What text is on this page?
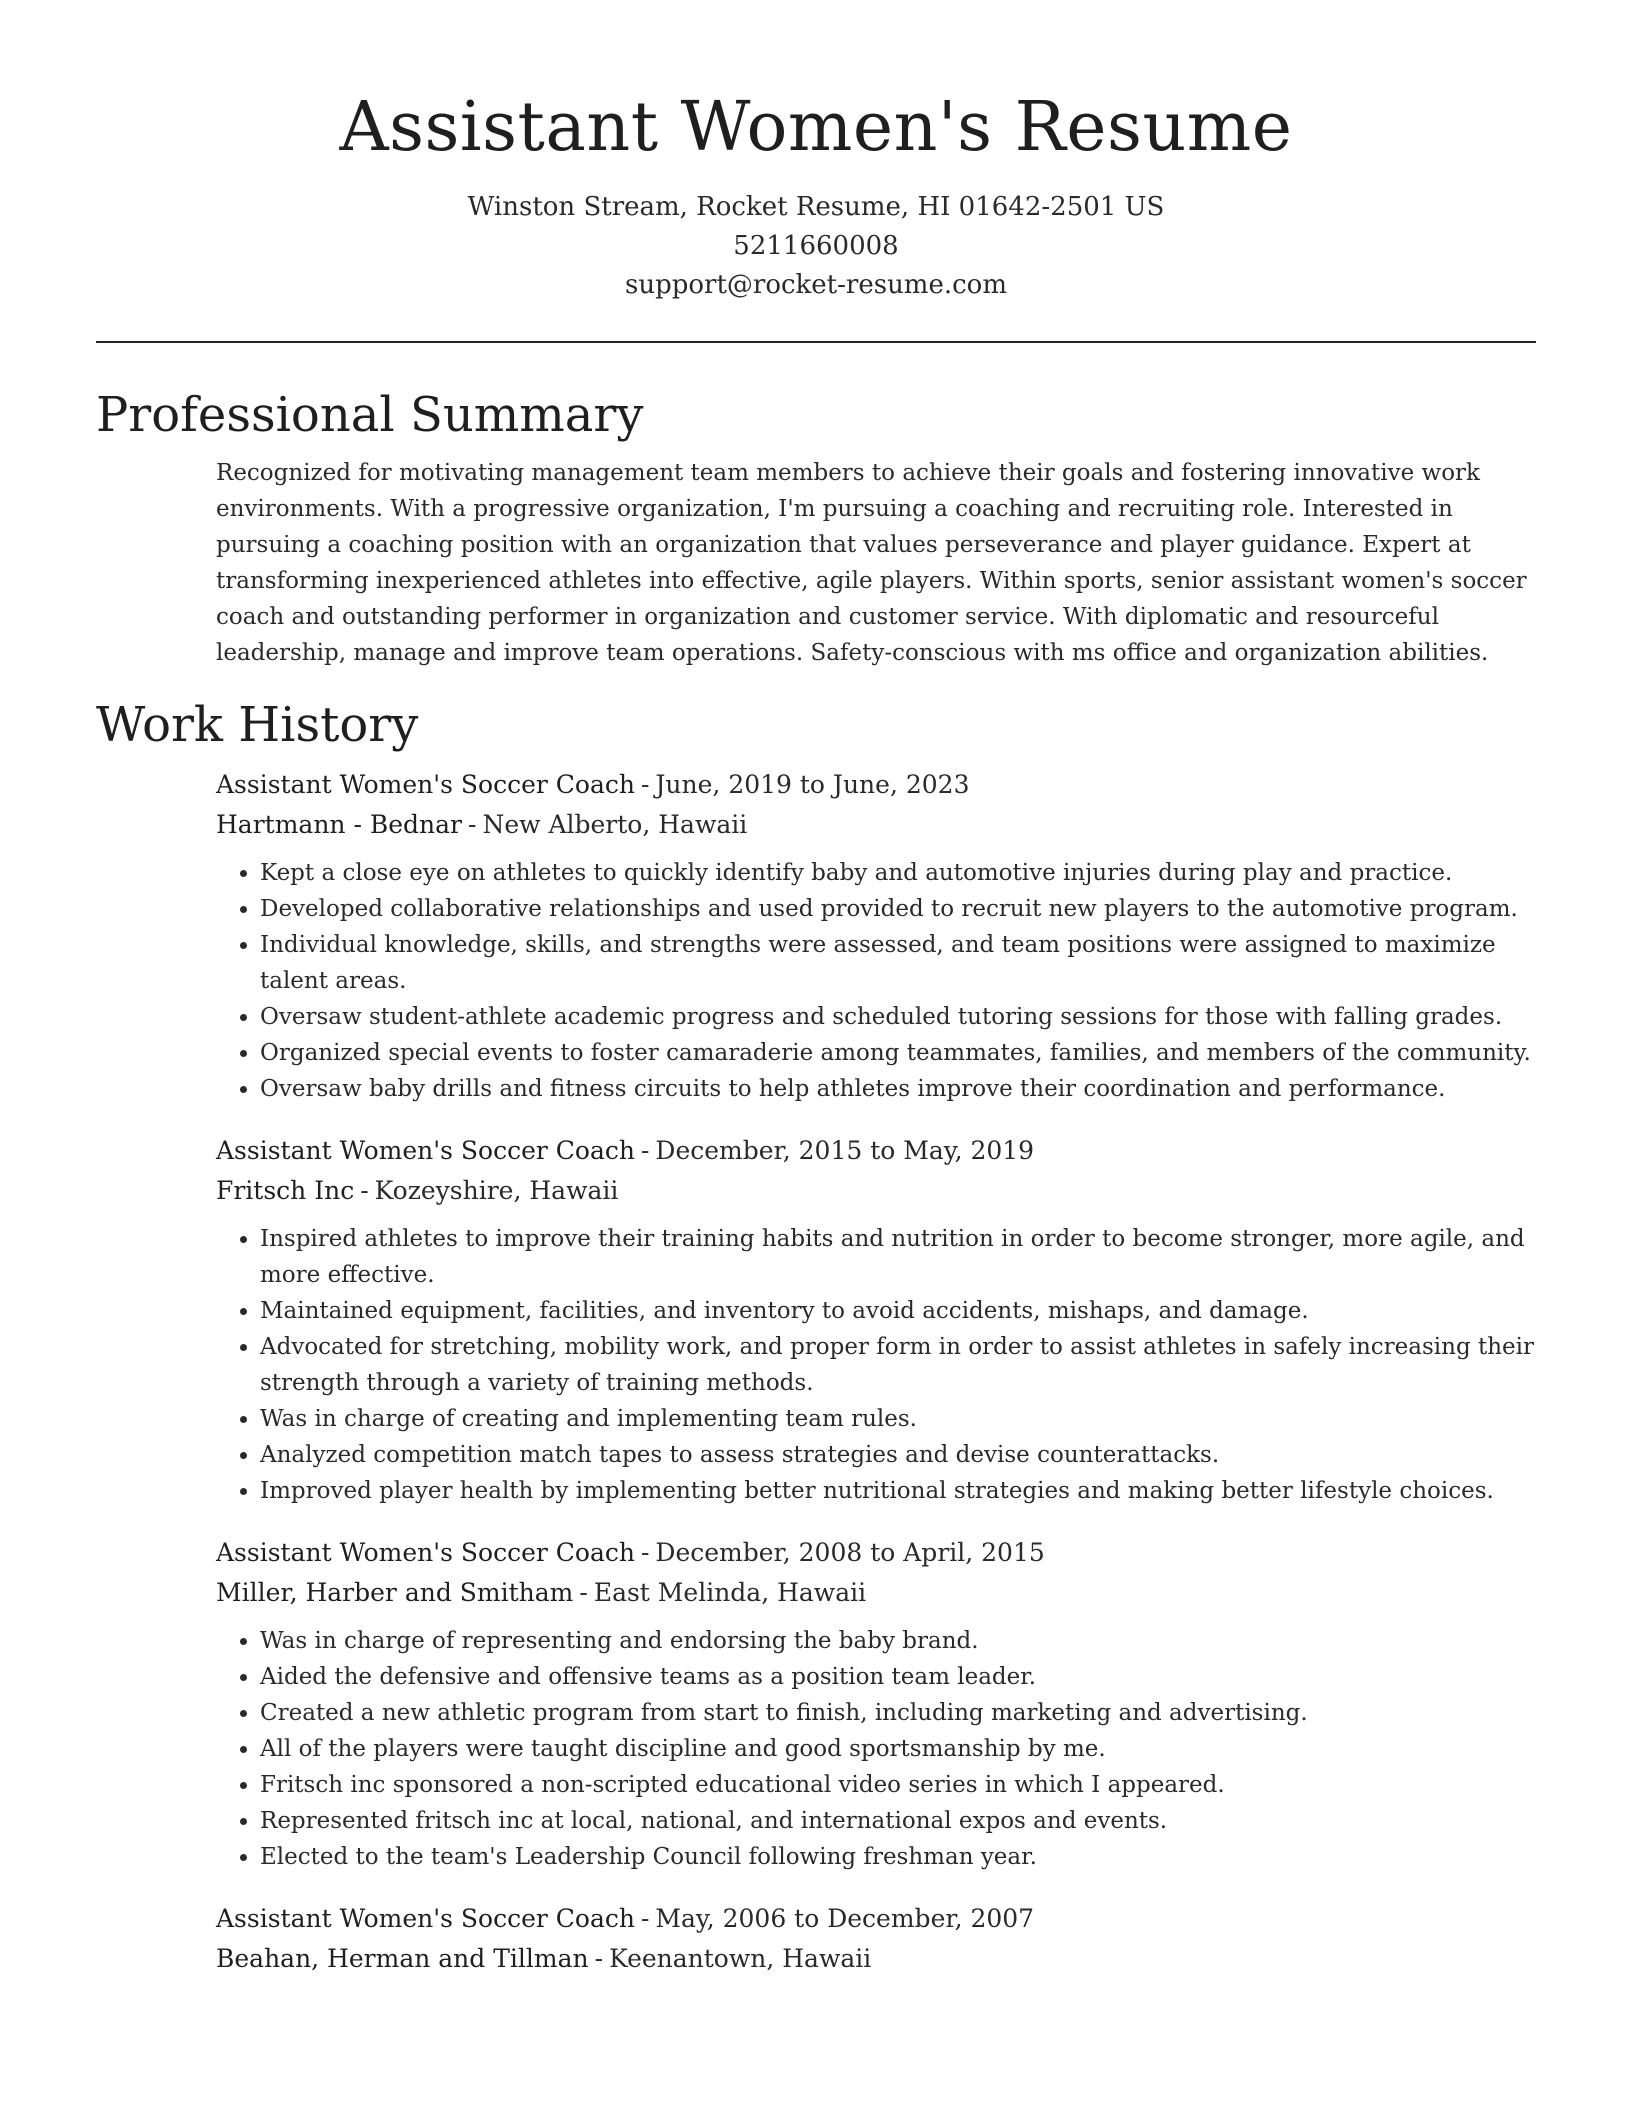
Assistant Women's Resume
Winston Stream, Rocket Resume, HI 01642-2501 US
5211660008
support@rocket-resume.com
Professional Summary

Recognized for motivating management team members to achieve their goals and fostering innovative work environments. With a progressive organization, I'm pursuing a coaching and recruiting role. Interested in pursuing a coaching position with an organization that values perseverance and player guidance. Expert at transforming inexperienced athletes into effective, agile players. Within sports, senior assistant women's soccer coach and outstanding performer in organization and customer service. With diplomatic and resourceful leadership, manage and improve team operations. Safety-conscious with ms office and organization abilities.

Work History
Assistant Women's Soccer Coach - June, 2019 to June, 2023
Hartmann - Bednar - New Alberto, Hawaii
• Kept a close eye on athletes to quickly identify baby and automotive injuries during play and practice.
• Developed collaborative relationships and used provided to recruit new players to the automotive program.
• Individual knowledge, skills, and strengths were assessed, and team positions were assigned to maximize talent areas.
• Oversaw student-athlete academic progress and scheduled tutoring sessions for those with falling grades.
• Organized special events to foster camaraderie among teammates, families, and members of the community.
• Oversaw baby drills and fitness circuits to help athletes improve their coordination and performance.
Assistant Women's Soccer Coach - December, 2015 to May, 2019
Fritsch Inc - Kozeyshire, Hawaii
• Inspired athletes to improve their training habits and nutrition in order to become stronger, more agile, and more effective.
• Maintained equipment, facilities, and inventory to avoid accidents, mishaps, and damage.
• Advocated for stretching, mobility work, and proper form in order to assist athletes in safely increasing their strength through a variety of training methods.
• Was in charge of creating and implementing team rules.
• Analyzed competition match tapes to assess strategies and devise counterattacks.
• Improved player health by implementing better nutritional strategies and making better lifestyle choices.
Assistant Women's Soccer Coach - December, 2008 to April, 2015
Miller, Harber and Smitham - East Melinda, Hawaii
• Was in charge of representing and endorsing the baby brand.
• Aided the defensive and offensive teams as a position team leader.
• Created a new athletic program from start to finish, including marketing and advertising.
• All of the players were taught discipline and good sportsmanship by me.
• Fritsch inc sponsored a non-scripted educational video series in which I appeared.
• Represented fritsch inc at local, national, and international expos and events.
• Elected to the team's Leadership Council following freshman year.
Assistant Women's Soccer Coach - May, 2006 to December, 2007
Beahan, Herman and Tillman - Keenantown, Hawaii
